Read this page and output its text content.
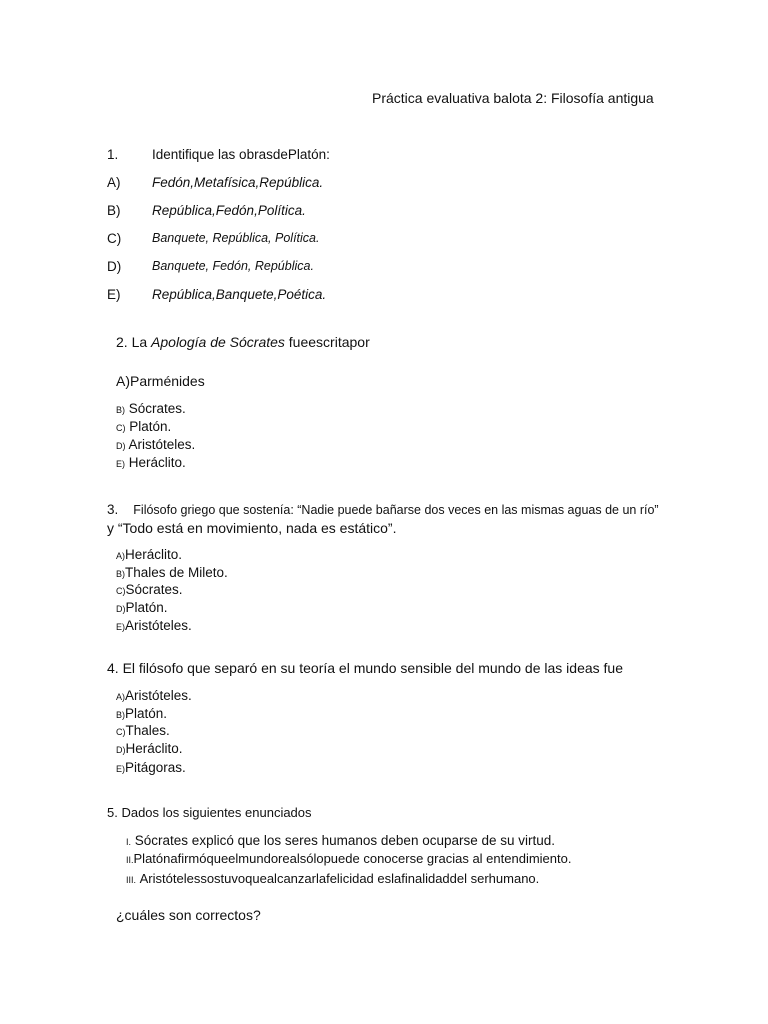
Práctica evaluativa balota 2: Filosofía antigua
1. Identifique las obrasdePlatón:
A) Fedón,Metafísica,República.
B) República,Fedón,Política.
C) Banquete, República, Política.
D) Banquete, Fedón, República.
E) República,Banquete,Poética.
2. La Apología de Sócrates fueescritapor
A)Parménides
B) Sócrates.
C) Platón.
D) Aristóteles.
E) Heráclito.
3. Filósofo griego que sostenía: “Nadie puede bañarse dos veces en las mismas aguas de un río”
y “Todo está en movimiento, nada es estático”.
A)Heráclito.
B)Thales de Mileto.
C)Sócrates.
D)Platón.
E)Aristóteles.
4. El filósofo que separó en su teoría el mundo sensible del mundo de las ideas fue
A)Aristóteles.
B)Platón.
C)Thales.
D)Heráclito.
E)Pitágoras.
5. Dados los siguientes enunciados
I. Sócrates explicó que los seres humanos deben ocuparse de su virtud.
II.Platónafirmóqueelmundorealsólopuede conocerse gracias al entendimiento.
III. Aristótelessostuvoquealcanzarlafelicidad eslafinalidaddel serhumano.
¿cuáles son correctos?
